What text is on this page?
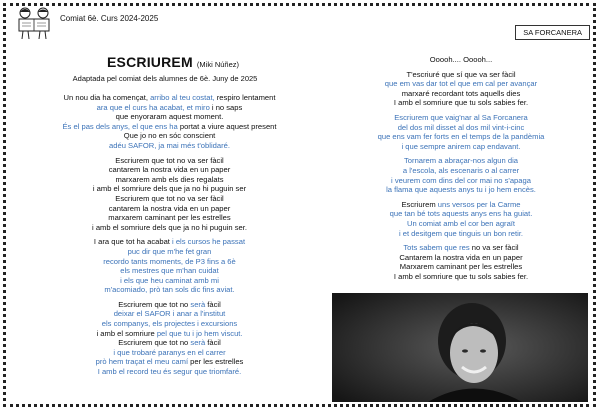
Comiat 6è. Curs 2024-2025
SA FORCANERA
ESCRIUREM (Miki Núñez)
Adaptada pel comiat dels alumnes de 6è. Juny de 2025
Un nou dia ha començat, arribo al teu costat, respiro lentament
ara que el curs ha acabat, et miro i no saps
que enyoraram aquest moment.
És el pas dels anys, el que ens ha portat a viure aquest present
Que jo no en sóc conscient
adéu SAFOR, ja mai més t'oblidaré.
Escriurem que tot no va ser fàcil
cantarem la nostra vida en un paper
marxarem amb els dies regalats
i amb el somriure dels que ja no hi puguin ser
Escriurem que tot no va ser fàcil
cantarem la nostra vida en un paper
marxarem caminant per les estrelles
i amb el somriure dels que ja no hi puguin ser.
I ara que tot ha acabat i els cursos he passat
puc dir que m'he fet gran
recordo tants moments, de P3 fins a 6è
els mestres que m'han cuidat
i els que heu caminat amb mi
m'acomiado, prò tan sols dic fins aviat.
Escriurem que tot no serà fàcil
deixar el SAFOR i anar a l'institut
els companys, els projectes i excursions
i amb el somriure pel que tu i jo hem viscut.
Escriurem que tot no serà fàcil
i que trobaré paranys en el carrer
prò hem traçat el meu camí per les estrelles
I amb el record teu és segur que triomfaré.
Ooooh.... Ooooh...
T'escriuré que sí que va ser fàcil
que em vas dar tot el que em cal per avançar
marxaré recordant tots aquells dies
I amb el somriure que tu sols sabies fer.
Escriurem que vaig'nar al Sa Forcanera
del dos mil disset al dos mil vint-i-cinc
que ens vam fer forts en el temps de la pandèmia
i que sempre anirem cap endavant.
Tornarem a abraçar-nos algun dia
a l'escola, als escenaris o al carrer
i veurem com dins del cor mai no s'apaga
la flama que aquests anys tu i jo hem encès.
Escriurem uns versos per la Carme
que tan bé tots aquests anys ens ha guiat.
Un comiat amb el cor ben agraït
i et desitgem que tinguis un bon retir.
Tots sabem que res no va ser fàcil
Cantarem la nostra vida en un paper
Marxarem caminant per les estrelles
I amb el somriure que tu sols sabies fer.
